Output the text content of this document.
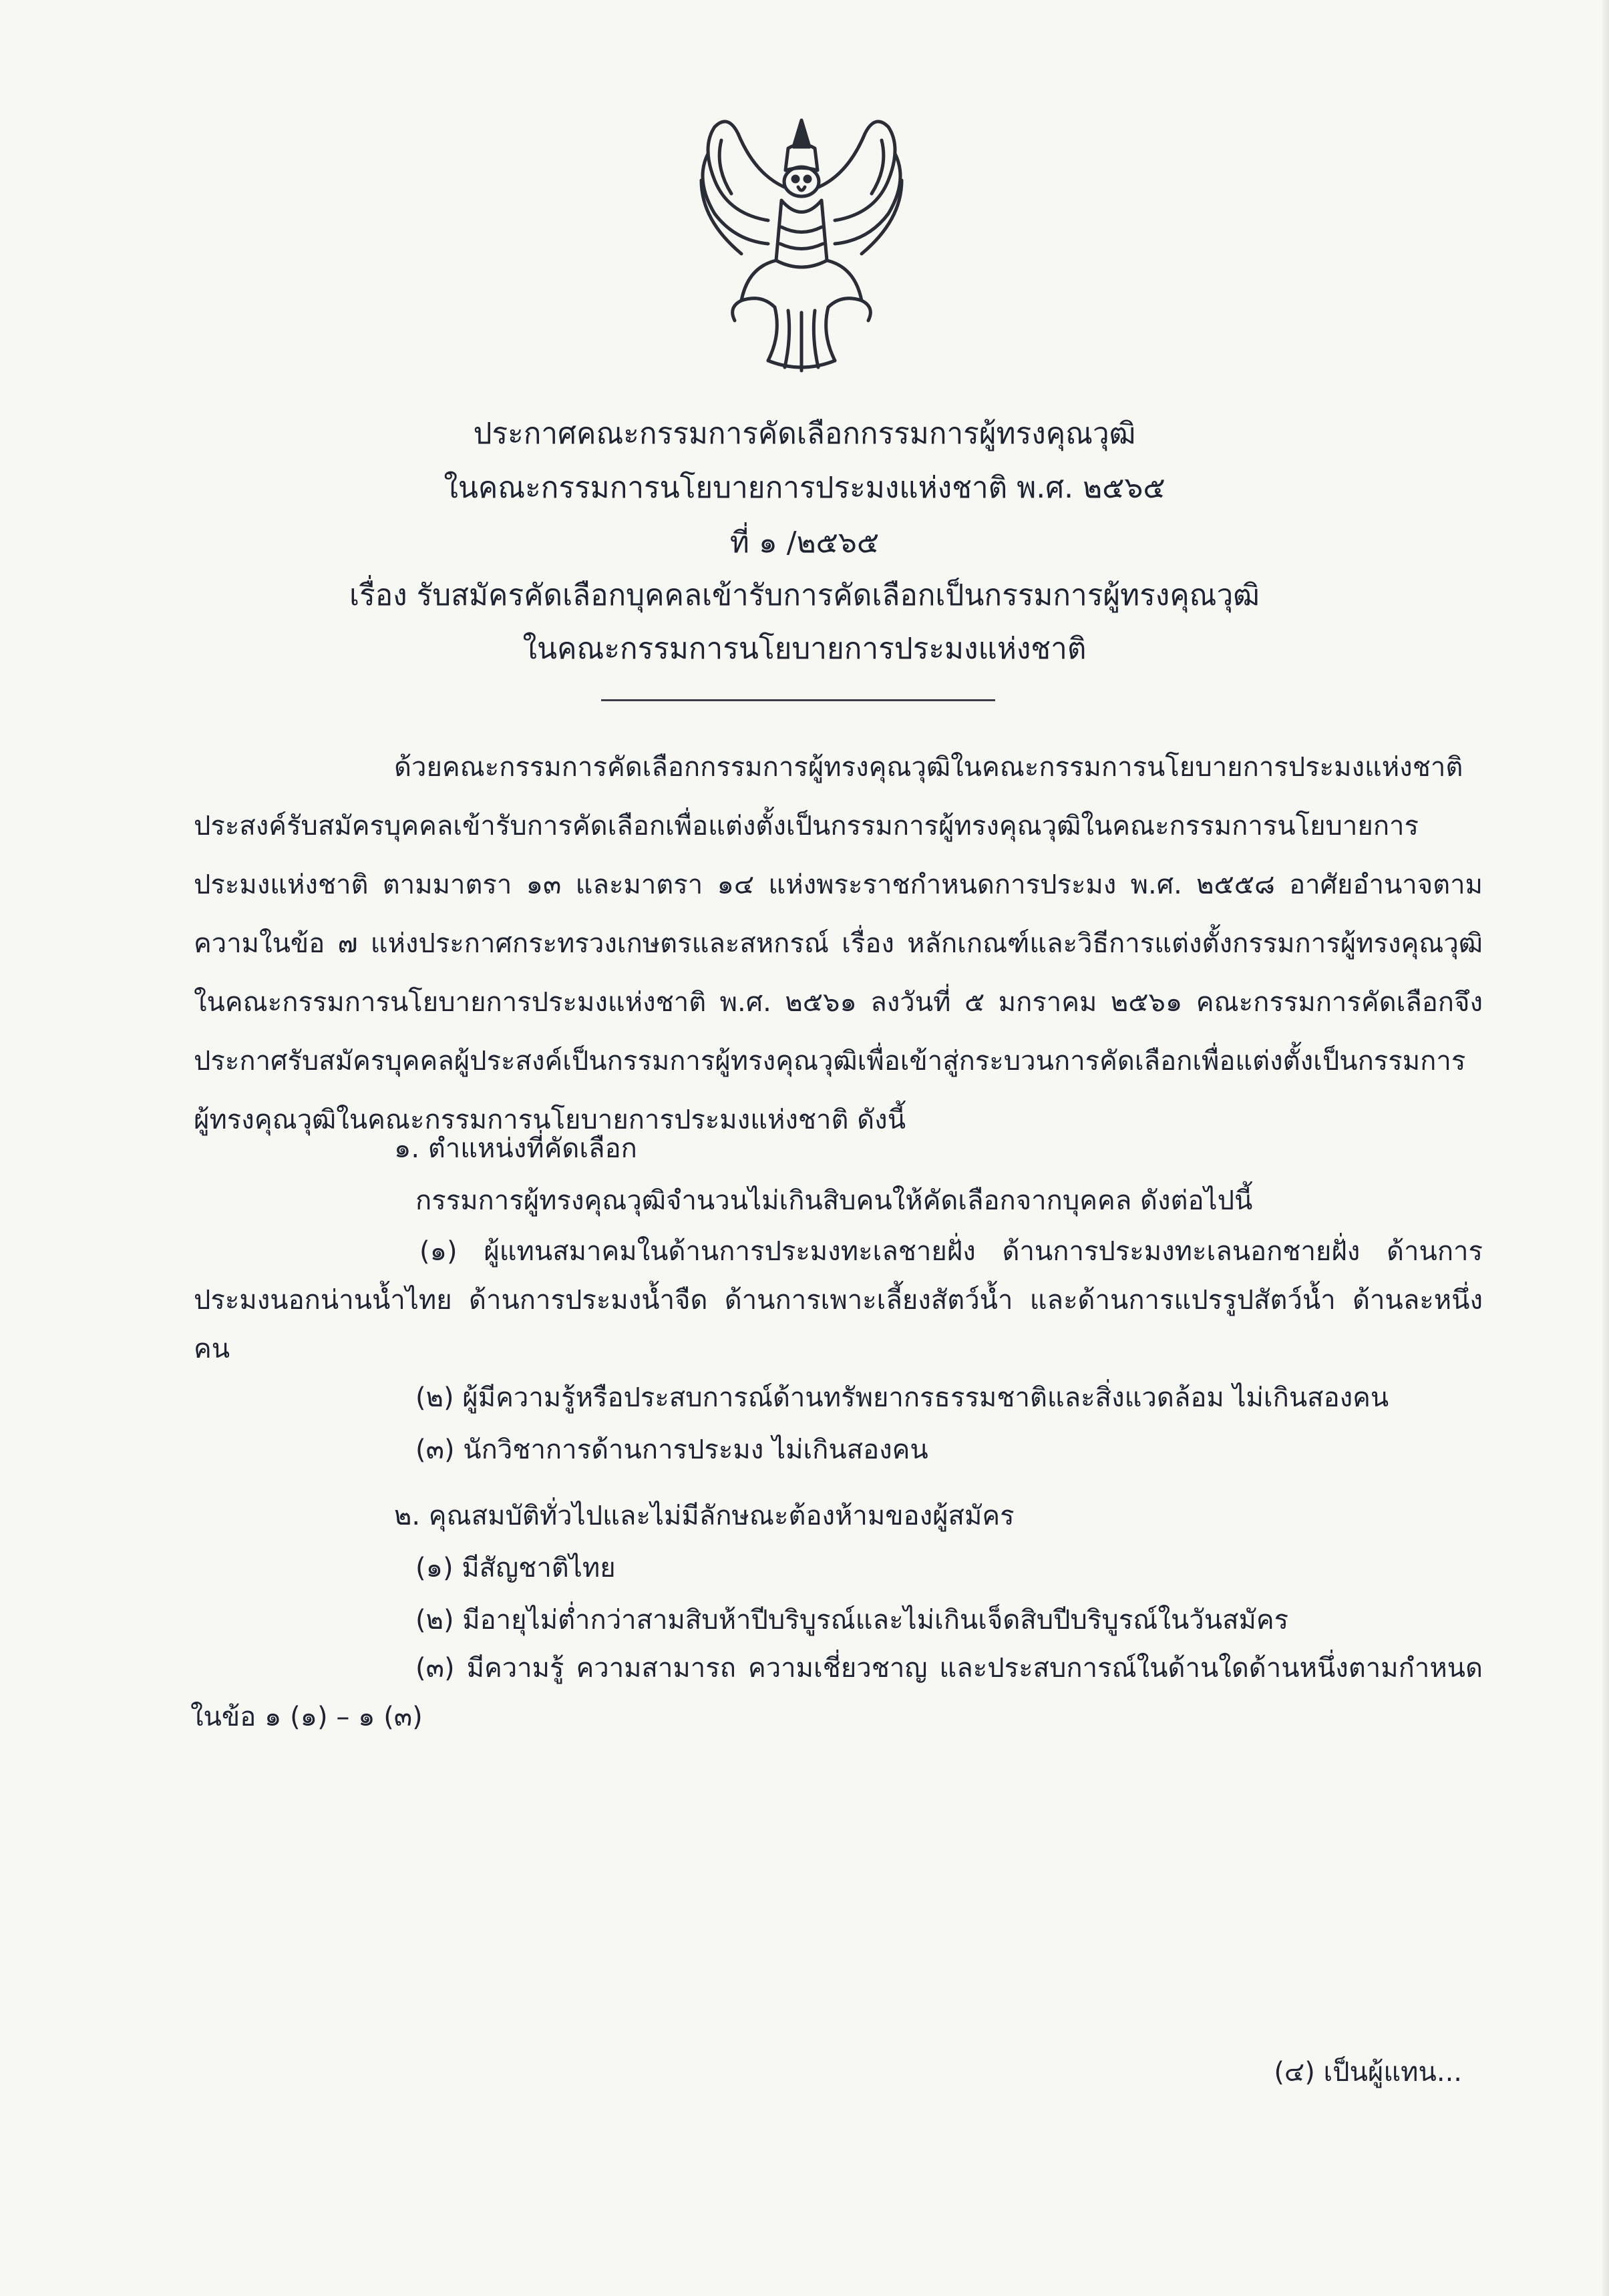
ประกาศคณะกรรมการคัดเลือกกรรมการผู้ทรงคุณวุฒิ
ในคณะกรรมการนโยบายการประมงแห่งชาติ พ.ศ. ๒๕๖๕
ที่ ๑ /๒๕๖๕
เรื่อง รับสมัครคัดเลือกบุคคลเข้ารับการคัดเลือกเป็นกรรมการผู้ทรงคุณวุฒิ
ในคณะกรรมการนโยบายการประมงแห่งชาติ
ด้วยคณะกรรมการคัดเลือกกรรมการผู้ทรงคุณวุฒิในคณะกรรมการนโยบายการประมงแห่งชาติ ประสงค์รับสมัครบุคคลเข้ารับการคัดเลือกเพื่อแต่งตั้งเป็นกรรมการผู้ทรงคุณวุฒิในคณะกรรมการนโยบายการประมงแห่งชาติ ตามมาตรา ๑๓ และมาตรา ๑๔ แห่งพระราชกำหนดการประมง พ.ศ. ๒๕๕๘ อาศัยอำนาจตามความในข้อ ๗ แห่งประกาศกระทรวงเกษตรและสหกรณ์ เรื่อง หลักเกณฑ์และวิธีการแต่งตั้งกรรมการผู้ทรงคุณวุฒิในคณะกรรมการนโยบายการประมงแห่งชาติ พ.ศ. ๒๕๖๑ ลงวันที่ ๕ มกราคม ๒๕๖๑ คณะกรรมการคัดเลือกจึงประกาศรับสมัครบุคคลผู้ประสงค์เป็นกรรมการผู้ทรงคุณวุฒิเพื่อเข้าสู่กระบวนการคัดเลือกเพื่อแต่งตั้งเป็นกรรมการผู้ทรงคุณวุฒิในคณะกรรมการนโยบายการประมงแห่งชาติ ดังนี้
๑. ตำแหน่งที่คัดเลือก
กรรมการผู้ทรงคุณวุฒิจำนวนไม่เกินสิบคนให้คัดเลือกจากบุคคล ดังต่อไปนี้
(๑) ผู้แทนสมาคมในด้านการประมงทะเลชายฝั่ง ด้านการประมงทะเลนอกชายฝั่ง ด้านการประมงนอกน่านน้ำไทย ด้านการประมงน้ำจืด ด้านการเพาะเลี้ยงสัตว์น้ำ และด้านการแปรรูปสัตว์น้ำ ด้านละหนึ่งคน
(๒) ผู้มีความรู้หรือประสบการณ์ด้านทรัพยากรธรรมชาติและสิ่งแวดล้อม ไม่เกินสองคน
(๓) นักวิชาการด้านการประมง ไม่เกินสองคน
๒. คุณสมบัติทั่วไปและไม่มีลักษณะต้องห้ามของผู้สมัคร
(๑) มีสัญชาติไทย
(๒) มีอายุไม่ต่ำกว่าสามสิบห้าปีบริบูรณ์และไม่เกินเจ็ดสิบปีบริบูรณ์ในวันสมัคร
(๓) มีความรู้ ความสามารถ ความเชี่ยวชาญ และประสบการณ์ในด้านใดด้านหนึ่งตามกำหนดในข้อ ๑ (๑) – ๑ (๓)
(๔) เป็นผู้แทน...
